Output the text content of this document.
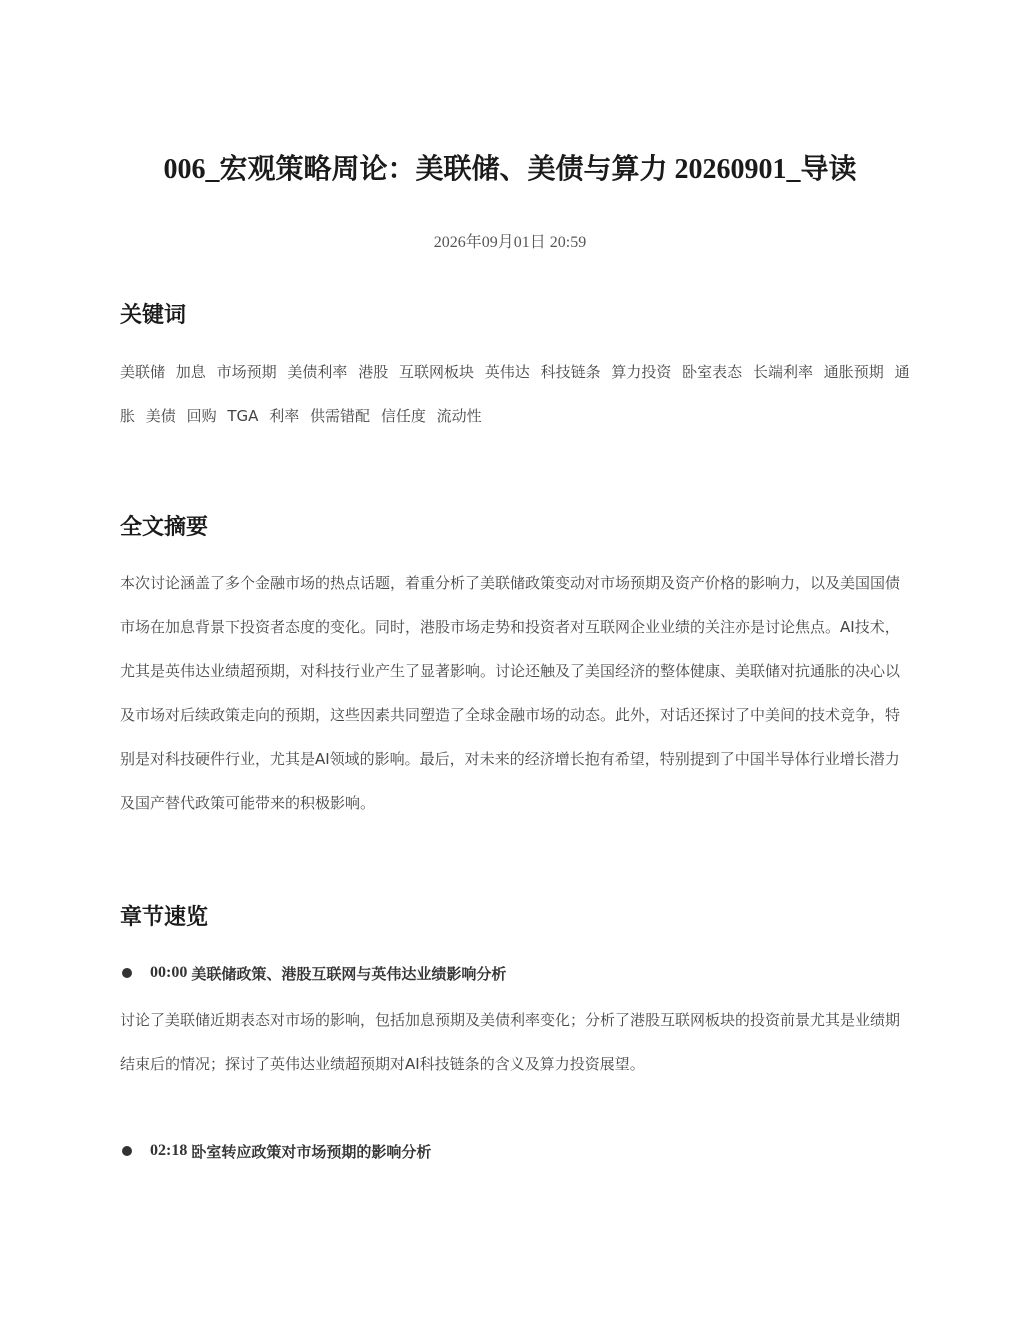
006_宏观策略周论：美联储、美债与算力 20260901_导读
2026年09月01日 20:59
关键词
美联储 加息 市场预期 美债利率 港股 互联网板块 英伟达 科技链条 算力投资 卧室表态 长端利率 通胀预期 通胀 美债 回购 TGA 利率 供需错配 信任度 流动性
全文摘要

本次讨论涵盖了多个金融市场的热点话题，着重分析了美联储政策变动对市场预期及资产价格的影响力，以及美国国债市场在加息背景下投资者态度的变化。同时，港股市场走势和投资者对互联网企业业绩的关注亦是讨论焦点。AI技术，尤其是英伟达业绩超预期，对科技行业产生了显著影响。讨论还触及了美国经济的整体健康、美联储对抗通胀的决心以及市场对后续政策走向的预期，这些因素共同塑造了全球金融市场的动态。此外，对话还探讨了中美间的技术竞争，特别是对科技硬件行业，尤其是AI领域的影响。最后，对未来的经济增长抱有希望，特别提到了中国半导体行业增长潜力及国产替代政策可能带来的积极影响。

章节速览
00:00 美联储政策、港股互联网与英伟达业绩影响分析

讨论了美联储近期表态对市场的影响，包括加息预期及美债利率变化；分析了港股互联网板块的投资前景尤其是业绩期结束后的情况；探讨了英伟达业绩超预期对AI科技链条的含义及算力投资展望。

02:18 卧室转应政策对市场预期的影响分析
